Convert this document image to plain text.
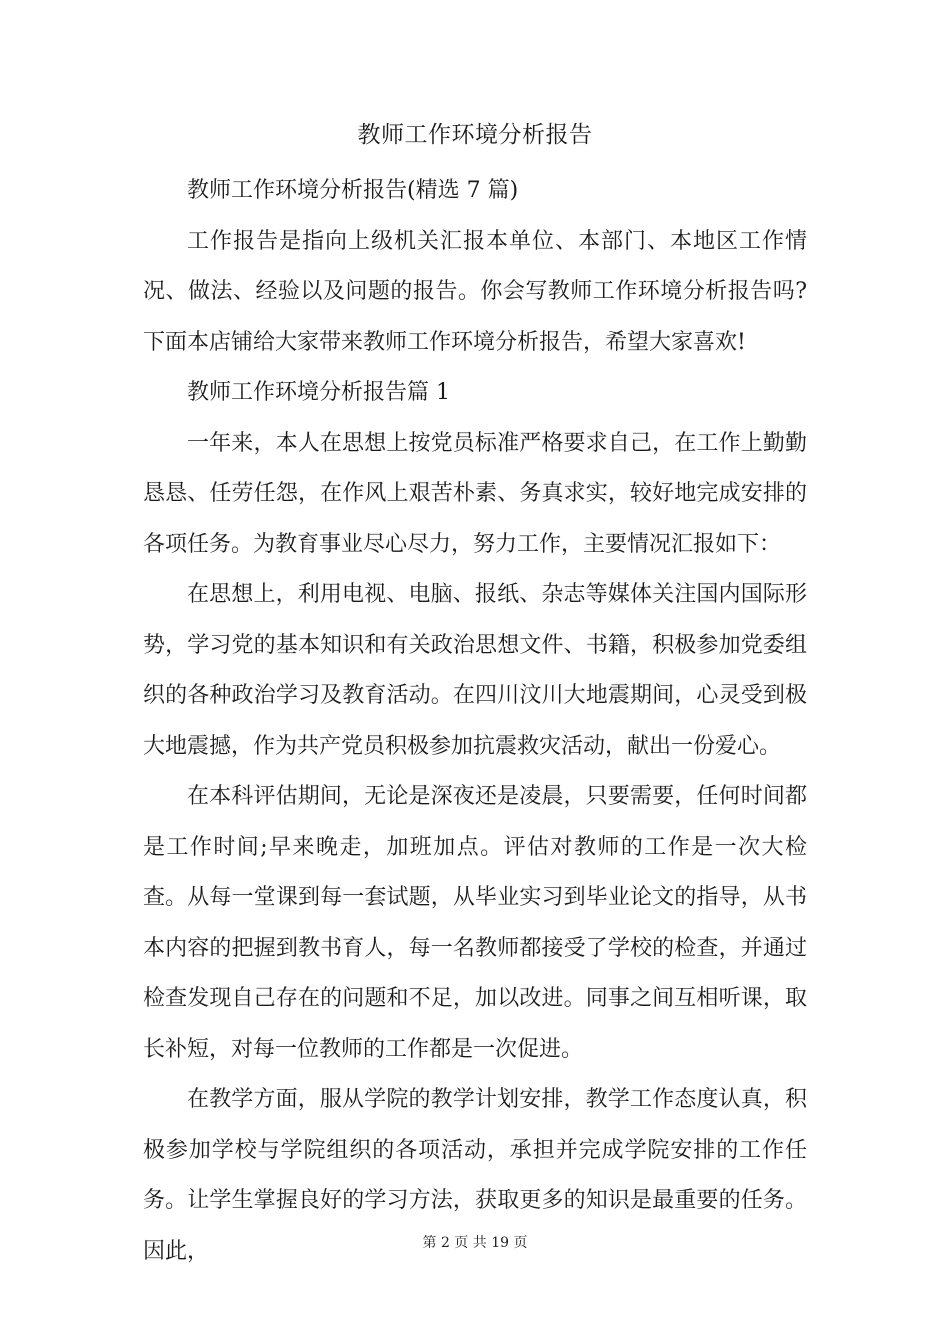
教师工作环境分析报告

教师工作环境分析报告(精选 7 篇)

工作报告是指向上级机关汇报本单位、本部门、本地区工作情况、做法、经验以及问题的报告。你会写教师工作环境分析报告吗?下面本店铺给大家带来教师工作环境分析报告，希望大家喜欢!

教师工作环境分析报告篇 1

一年来，本人在思想上按党员标准严格要求自己，在工作上勤勤恳恳、任劳任怨，在作风上艰苦朴素、务真求实，较好地完成安排的各项任务。为教育事业尽心尽力，努力工作，主要情况汇报如下：

在思想上，利用电视、电脑、报纸、杂志等媒体关注国内国际形势，学习党的基本知识和有关政治思想文件、书籍，积极参加党委组织的各种政治学习及教育活动。在四川汶川大地震期间，心灵受到极大地震撼，作为共产党员积极参加抗震救灾活动，献出一份爱心。

在本科评估期间，无论是深夜还是凌晨，只要需要，任何时间都是工作时间;早来晚走，加班加点。评估对教师的工作是一次大检查。从每一堂课到每一套试题，从毕业实习到毕业论文的指导，从书本内容的把握到教书育人，每一名教师都接受了学校的检查，并通过检查发现自己存在的问题和不足，加以改进。同事之间互相听课，取长补短，对每一位教师的工作都是一次促进。

在教学方面，服从学院的教学计划安排，教学工作态度认真，积极参加学校与学院组织的各项活动，承担并完成学院安排的工作任务。让学生掌握良好的学习方法，获取更多的知识是最重要的任务。因此，	第 2 页 共 19 页
